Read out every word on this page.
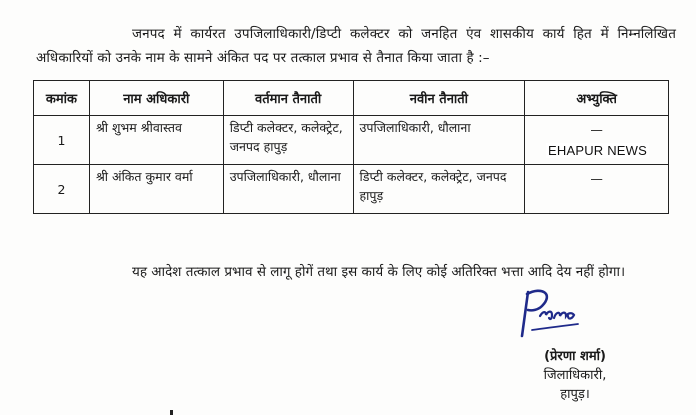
जनपद में कार्यरत उपजिलाधिकारी/डिप्टी कलेक्टर को जनहित एंव शासकीय कार्य हित में निम्नलिखित अधिकारियों को उनके नाम के सामने अंकित पद पर तत्काल प्रभाव से तैनात किया जाता है :–

कमांक	नाम अधिकारी	वर्तमान तैनाती	नवीन तैनाती	अभ्युक्ति
1	श्री शुभम श्रीवास्तव	डिप्टी कलेक्टर, कलेक्ट्रेट, जनपद हापुड़	उपजिलाधिकारी, धौलाना	—
2	श्री अंकित कुमार वर्मा	उपजिलाधिकारी, धौलाना	डिप्टी कलेक्टर, कलेक्ट्रेट, जनपद हापुड़	—
EHAPUR NEWS

यह आदेश तत्काल प्रभाव से लागू होगें तथा इस कार्य के लिए कोई अतिरिक्त भत्ता आदि देय नहीं होगा।

(प्रेरणा शर्मा)
जिलाधिकारी,
हापुड़।
